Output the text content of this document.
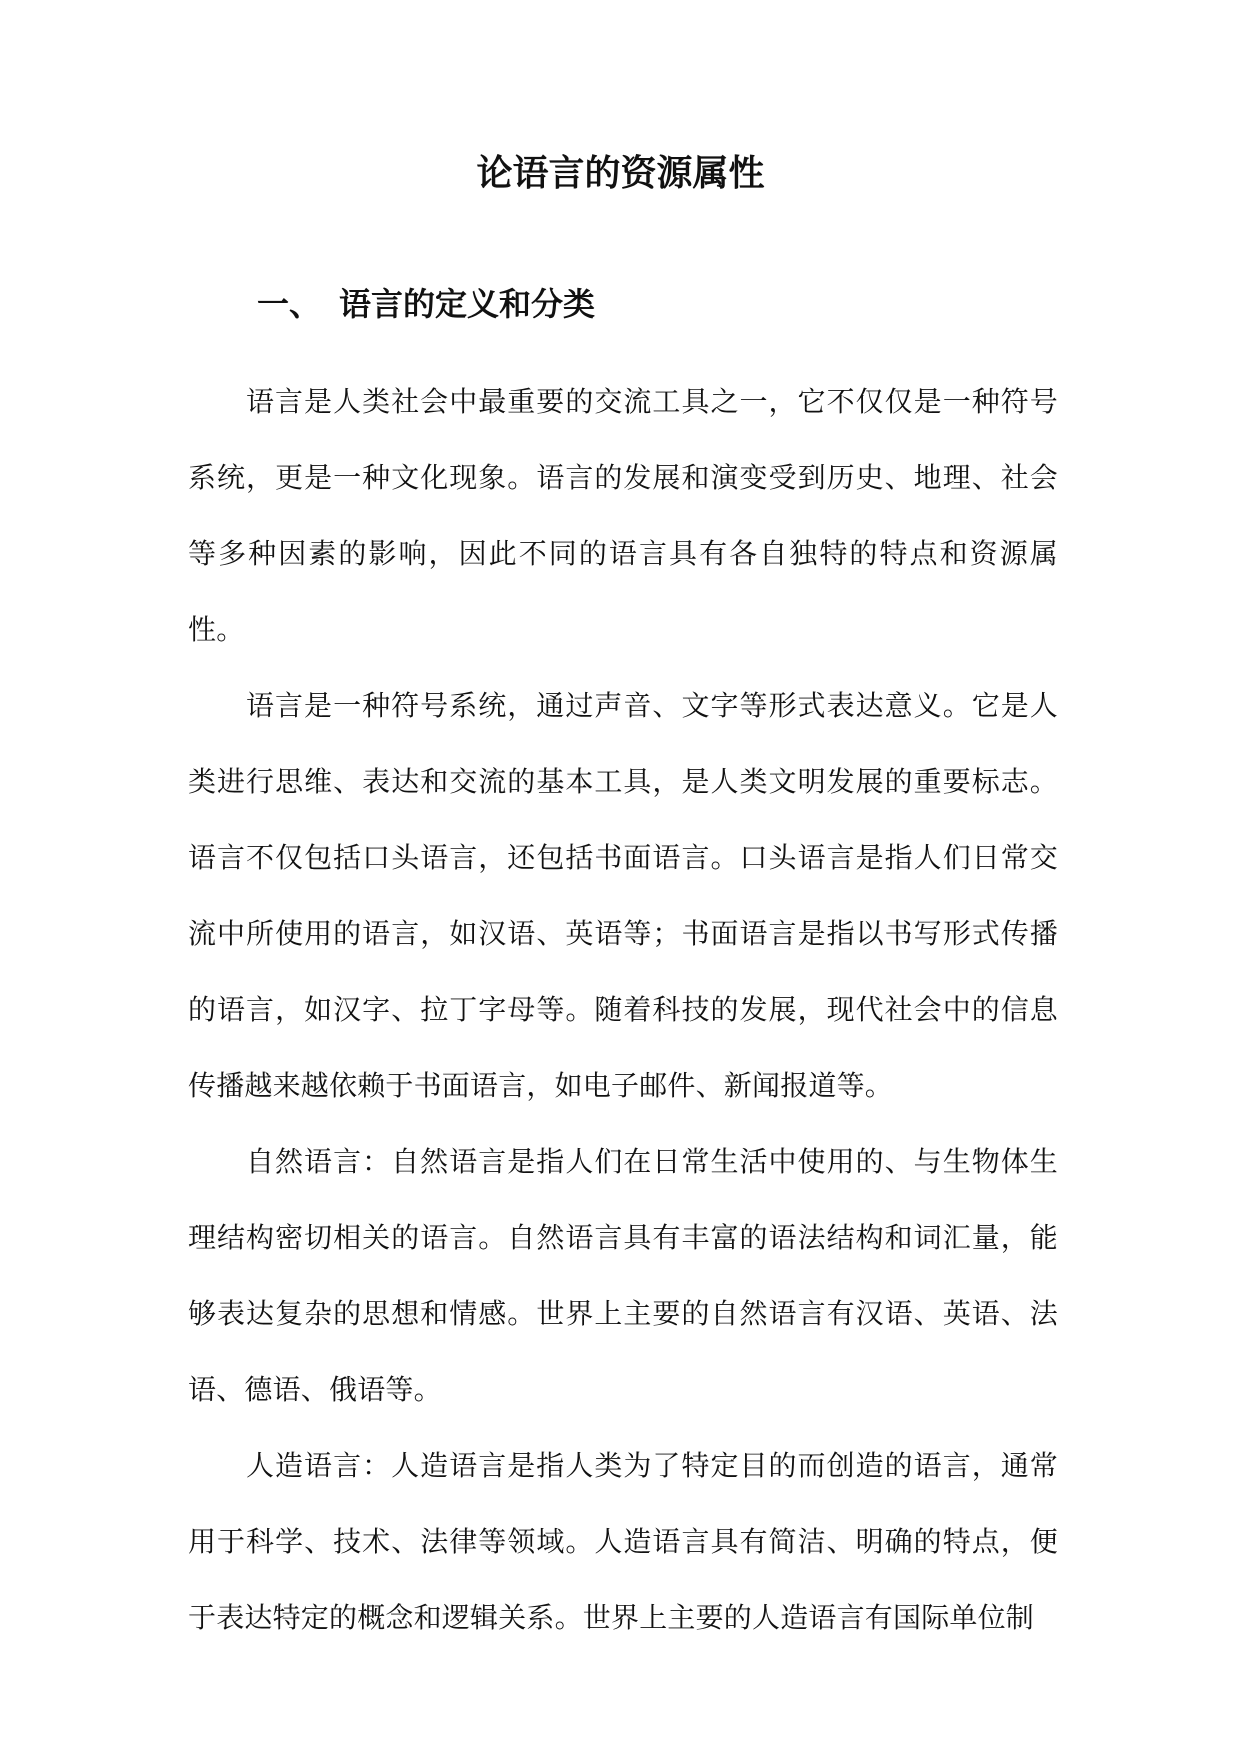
论语言的资源属性
一、 语言的定义和分类

语言是人类社会中最重要的交流工具之一，它不仅仅是一种符号系统，更是一种文化现象。语言的发展和演变受到历史、地理、社会等多种因素的影响，因此不同的语言具有各自独特的特点和资源属性。

语言是一种符号系统，通过声音、文字等形式表达意义。它是人类进行思维、表达和交流的基本工具，是人类文明发展的重要标志。语言不仅包括口头语言，还包括书面语言。口头语言是指人们日常交流中所使用的语言，如汉语、英语等；书面语言是指以书写形式传播的语言，如汉字、拉丁字母等。随着科技的发展，现代社会中的信息传播越来越依赖于书面语言，如电子邮件、新闻报道等。

自然语言：自然语言是指人们在日常生活中使用的、与生物体生理结构密切相关的语言。自然语言具有丰富的语法结构和词汇量，能够表达复杂的思想和情感。世界上主要的自然语言有汉语、英语、法语、德语、俄语等。

人造语言：人造语言是指人类为了特定目的而创造的语言，通常用于科学、技术、法律等领域。人造语言具有简洁、明确的特点，便于表达特定的概念和逻辑关系。世界上主要的人造语言有国际单位制
